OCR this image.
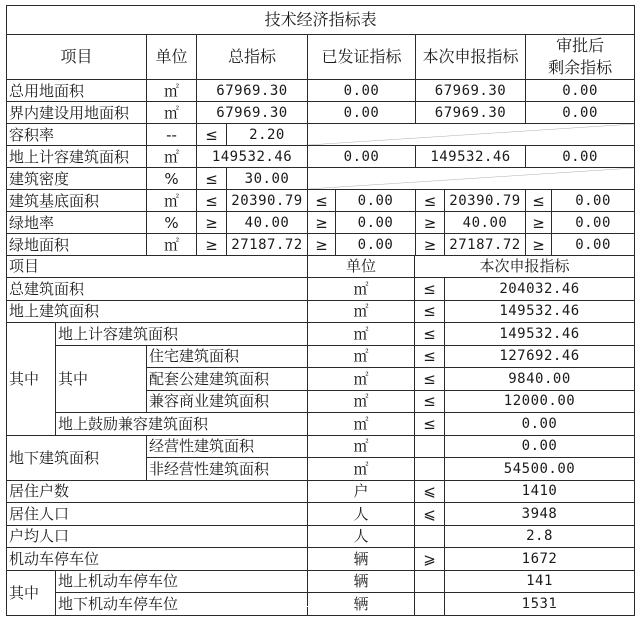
技术经济指标表									
项目	单位	总指标		已发证指标		本次申报指标		审批后
剩余指标	

总用地面积	㎡	67969.30		0.00		67969.30		0.00	
界内建设用地面积	㎡	67969.30		0.00		67969.30		0.00	
容积率	--	≤	2.20	

地上计容建筑面积	㎡	149532.46		0.00		149532.46		0.00	
建筑密度	%	≤	30.00	

建筑基底面积	㎡	≤	20390.79	≤	0.00	≤	20390.79	≤	0.00
绿地率	%	≥	40.00	≥	0.00	≥	40.00	≥	0.00
绿地面积	㎡	≥	27187.72	≥	0.00	≥	27187.72	≥	0.00
项目			单位	本次申报指标	
总建筑面积			㎡	≤	204032.46
地上建筑面积			㎡	≤	149532.46
其中	地上计容建筑面积		㎡	≤	149532.46
	其中	住宅建筑面积	㎡	≤	127692.46
		配套公建建筑面积	㎡	≤	9840.00
		兼容商业建筑面积	㎡	≤	12000.00
	地上鼓励兼容建筑面积		㎡	≤	0.00
地下建筑面积		经营性建筑面积	㎡		0.00
		非经营性建筑面积	㎡		54500.00
居住户数			户	⩽	1410
居住人口			人	⩽	3948
户均人口			人		2.8
机动车停车位			辆	⩾	1672
其中	地上机动车停车位		辆		141
	地下机动车停车位		辆		1531
